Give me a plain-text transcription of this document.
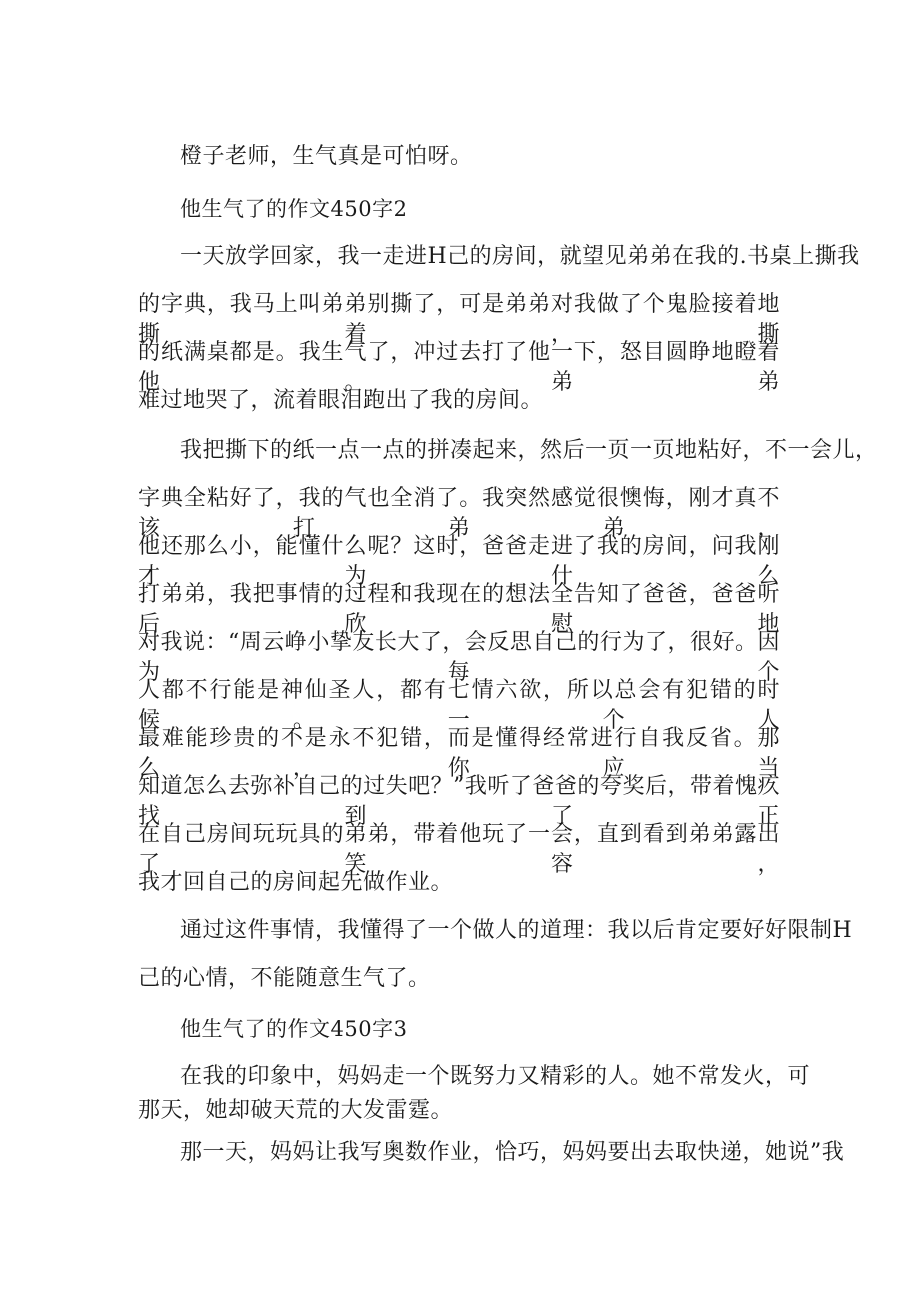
橙子老师，生气真是可怕呀。
他生气了的作文450字2
一天放学回家，我一走进H己的房间，就望见弟弟在我的.书桌上撕我
的字典，我马上叫弟弟别撕了，可是弟弟对我做了个鬼脸接着地撕着，撕
的纸满桌都是。我生气了，冲过去打了他一下，怒目圆睁地瞪着他。弟弟
难过地哭了，流着眼泪跑出了我的房间。
我把撕下的纸一点一点的拼凑起来，然后一页一页地粘好，不一会儿，
字典全粘好了，我的气也全消了。我突然感觉很懊悔，刚才真不该打弟弟，
他还那么小，能懂什么呢？这时，爸爸走进了我的房间，问我刚才为什么
打弟弟，我把事情的过程和我现在的想法全告知了爸爸，爸爸听后欣慰地
对我说：“周云峥小挚友长大了，会反思自己的行为了，很好。因为每个
人都不行能是神仙圣人，都有七情六欲，所以总会有犯错的时候。一个人
最难能珍贵的不是永不犯错，而是懂得经常进行自我反省。那么，你应当
知道怎么去弥补自己的过失吧？”我听了爸爸的夸奖后，带着愧疚找到了正
在自己房间玩玩具的弟弟，带着他玩了一会，直到看到弟弟露出了笑容，
我才回自己的房间起先做作业。
通过这件事情，我懂得了一个做人的道理：我以后肯定要好好限制H
己的心情，不能随意生气了。
他生气了的作文450字3
在我的印象中，妈妈走一个既努力又精彩的人。她不常发火，可
那天，她却破天荒的大发雷霆。
那一天，妈妈让我写奥数作业，恰巧，妈妈要出去取快递，她说”我
